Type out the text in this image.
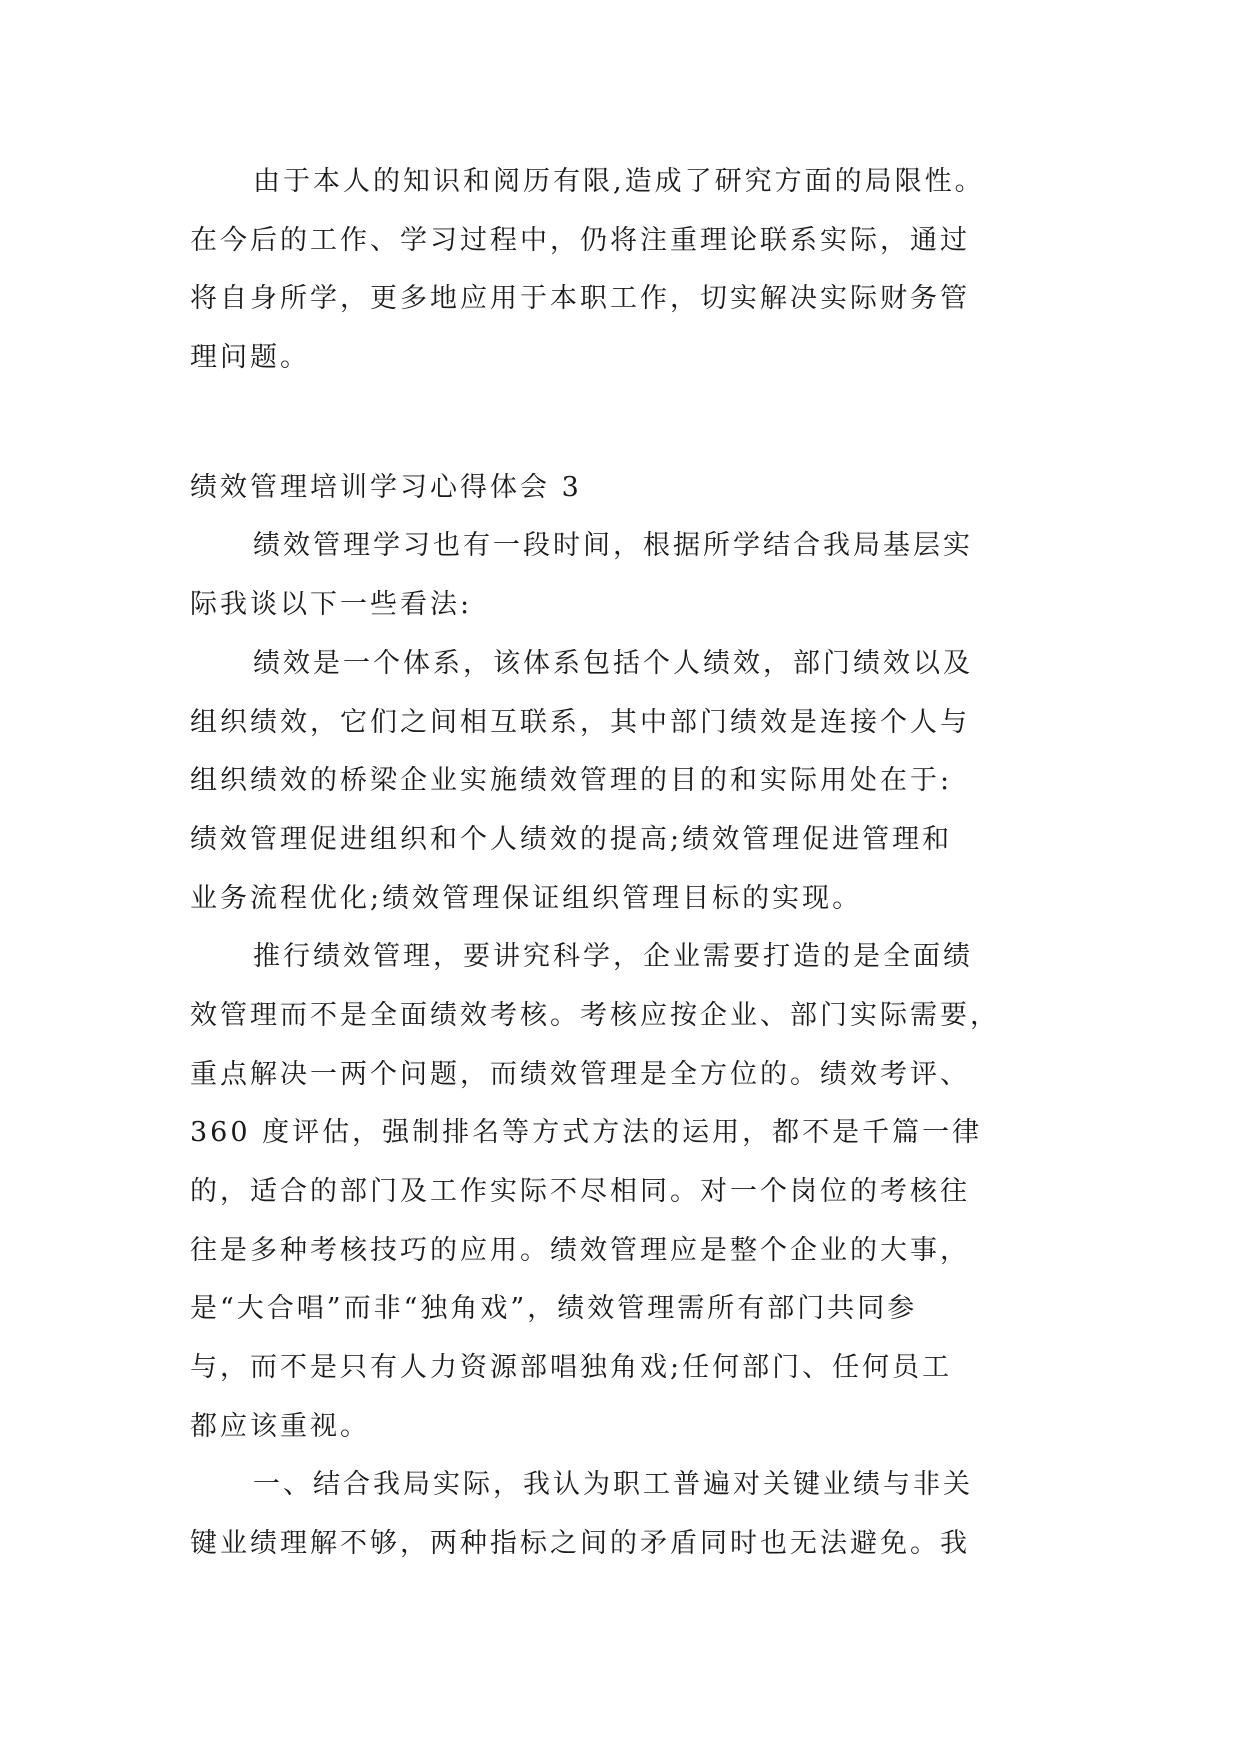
由于本人的知识和阅历有限,造成了研究方面的局限性。
在今后的工作、学习过程中，仍将注重理论联系实际，通过
将自身所学，更多地应用于本职工作，切实解决实际财务管
理问题。
绩效管理培训学习心得体会 3
绩效管理学习也有一段时间，根据所学结合我局基层实
际我谈以下一些看法:
绩效是一个体系，该体系包括个人绩效，部门绩效以及
组织绩效，它们之间相互联系，其中部门绩效是连接个人与
组织绩效的桥梁企业实施绩效管理的目的和实际用处在于:
绩效管理促进组织和个人绩效的提高;绩效管理促进管理和
业务流程优化;绩效管理保证组织管理目标的实现。
推行绩效管理，要讲究科学，企业需要打造的是全面绩
效管理而不是全面绩效考核。考核应按企业、部门实际需要，
重点解决一两个问题，而绩效管理是全方位的。绩效考评、
360 度评估，强制排名等方式方法的运用，都不是千篇一律
的，适合的部门及工作实际不尽相同。对一个岗位的考核往
往是多种考核技巧的应用。绩效管理应是整个企业的大事，
是“大合唱”而非“独角戏”，绩效管理需所有部门共同参
与，而不是只有人力资源部唱独角戏;任何部门、任何员工
都应该重视。
一、结合我局实际，我认为职工普遍对关键业绩与非关
键业绩理解不够，两种指标之间的矛盾同时也无法避免。我
